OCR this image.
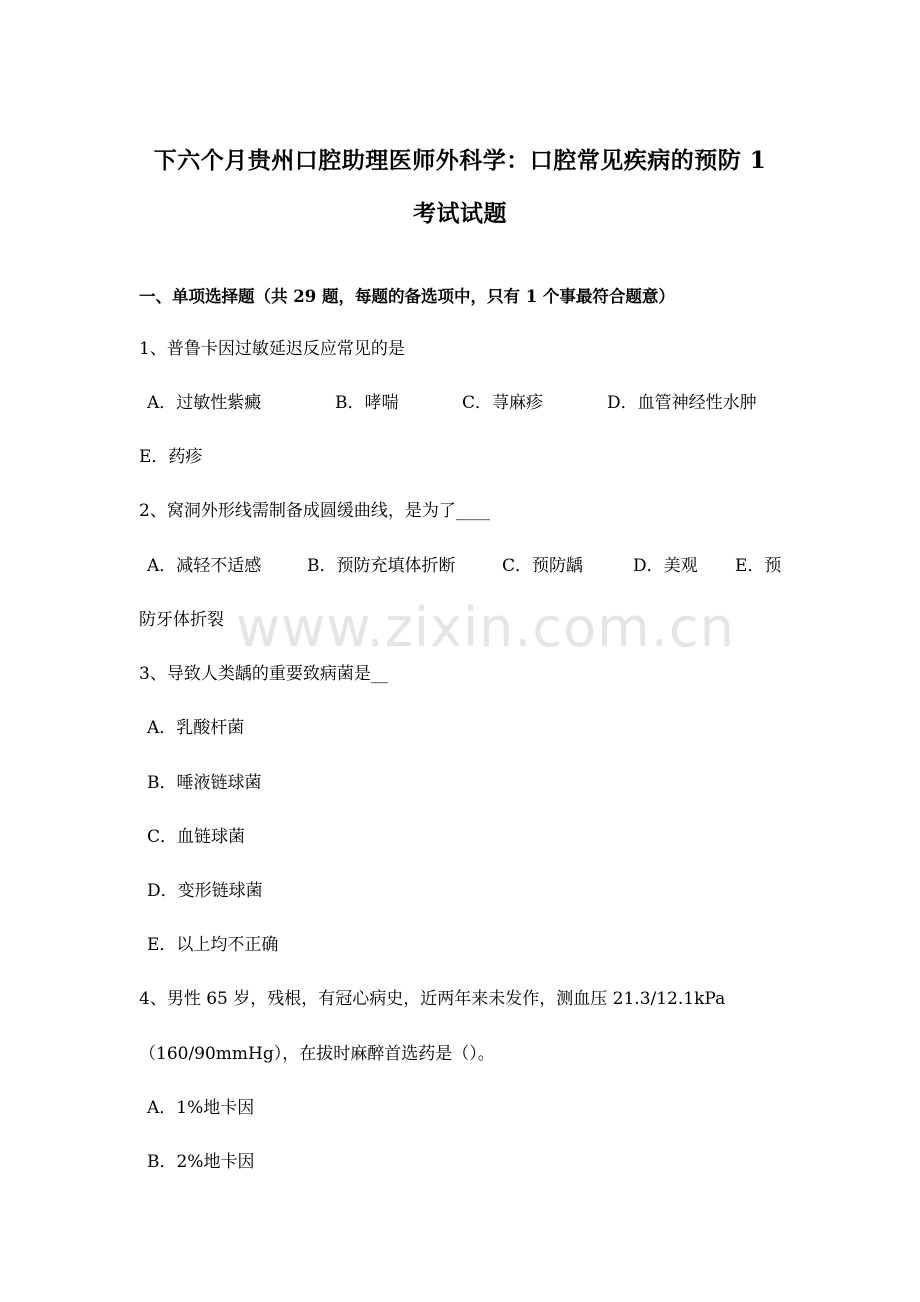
下六个月贵州口腔助理医师外科学：口腔常见疾病的预防 1
考试试题
一、单项选择题（共 29 题，每题的备选项中，只有 1 个事最符合题意）
1、普鲁卡因过敏延迟反应常见的是
A．过敏性紫癜	B．哮喘	C．荨麻疹	D．血管神经性水肿
E．药疹
2、窝洞外形线需制备成圆缓曲线，是为了____
A．减轻不适感	B．预防充填体折断	C．预防龋	D．美观 E．预
防牙体折裂
3、导致人类龋的重要致病菌是__
A．乳酸杆菌
B．唾液链球菌
C．血链球菌
D．变形链球菌
E．以上均不正确
4、男性 65 岁，残根，有冠心病史，近两年来未发作，测血压 21.3/12.1kPa
（160/90mmHg），在拔时麻醉首选药是（）。
A．1%地卡因
B．2%地卡因
www.zixin.com.cn
